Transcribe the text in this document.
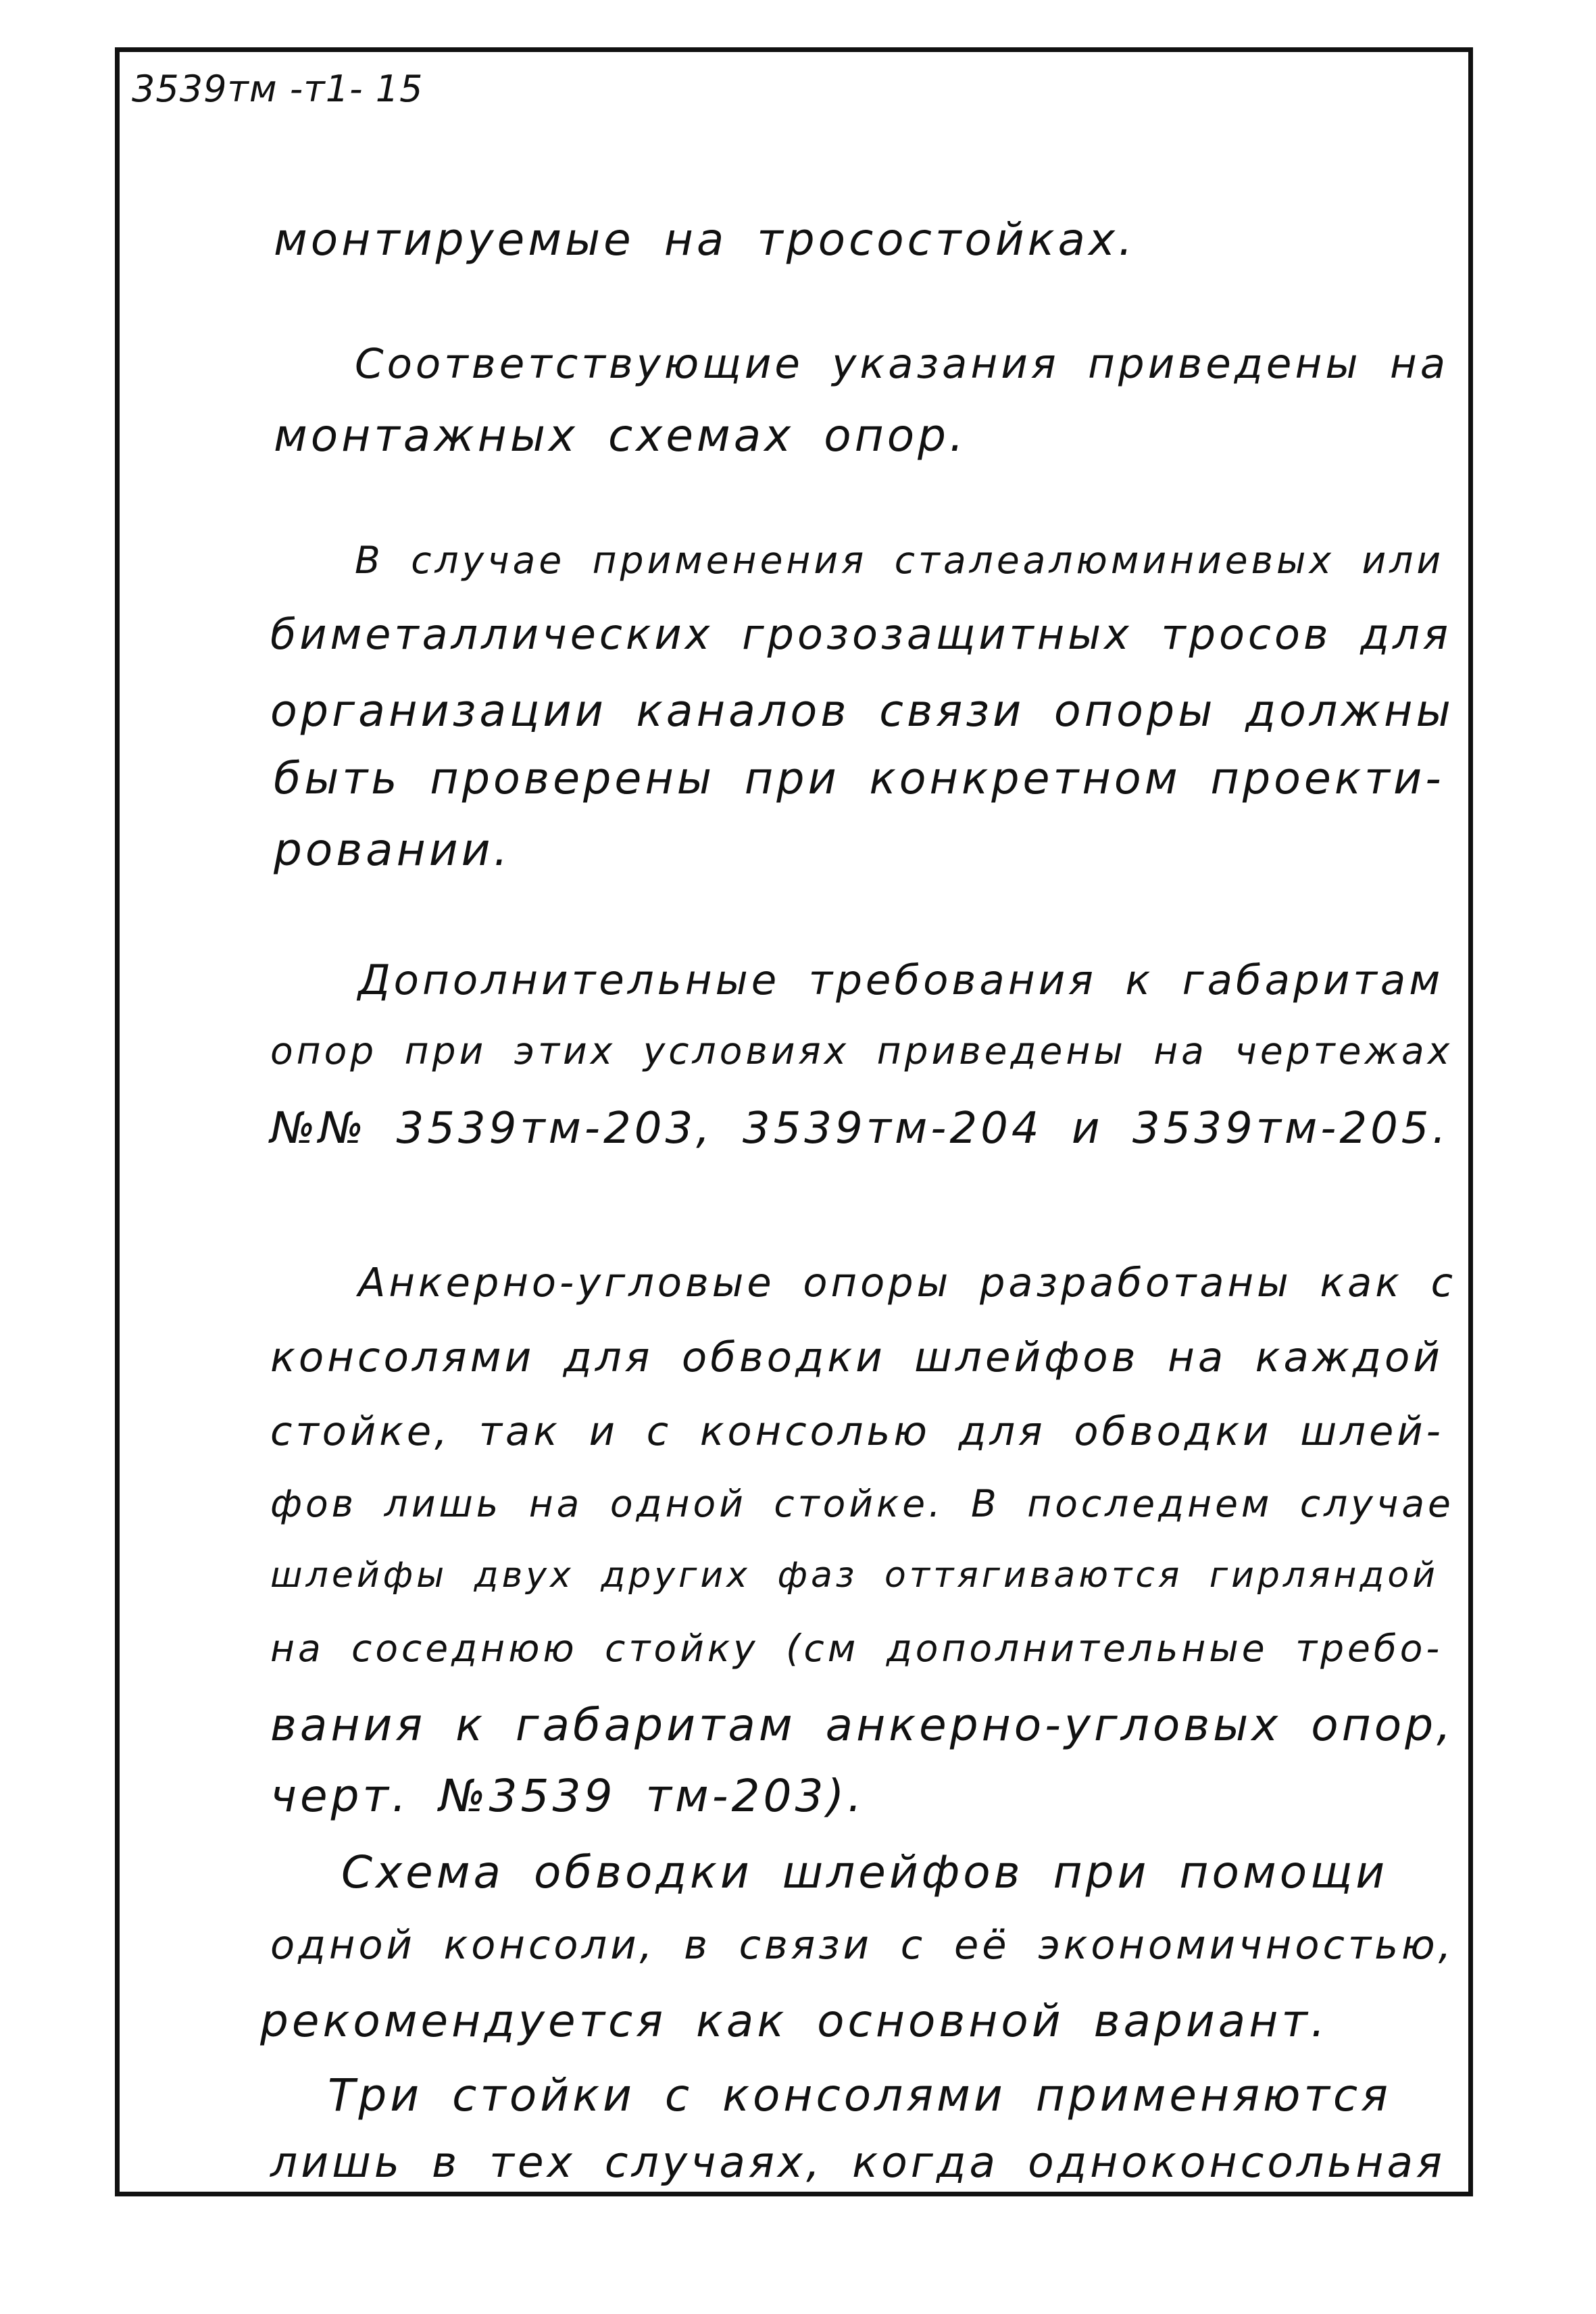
3539тм -т1- 15
монтируемые на тросостойках.
Соответствующие указания приведены на
монтажных схемах опор.
В случае применения сталеалюминиевых или
биметаллических грозозащитных тросов для
организации каналов связи опоры должны
быть проверены при конкретном проекти-
ровании.
Дополнительные требования к габаритам
опор при этих условиях приведены на чертежах
№№ 3539тм-203, 3539тм-204 и 3539тм-205.
Анкерно-угловые опоры разработаны как с
консолями для обводки шлейфов на каждой
стойке, так и с консолью для обводки шлей-
фов лишь на одной стойке. В последнем случае
шлейфы двух других фаз оттягиваются гирляндой
на соседнюю стойку (см дополнительные требо-
вания к габаритам анкерно-угловых опор,
черт. №3539 тм-203).
Схема обводки шлейфов при помощи
одной консоли, в связи с её экономичностью,
рекомендуется как основной вариант.
Три стойки с консолями применяются
лишь в тех случаях, когда одноконсольная
